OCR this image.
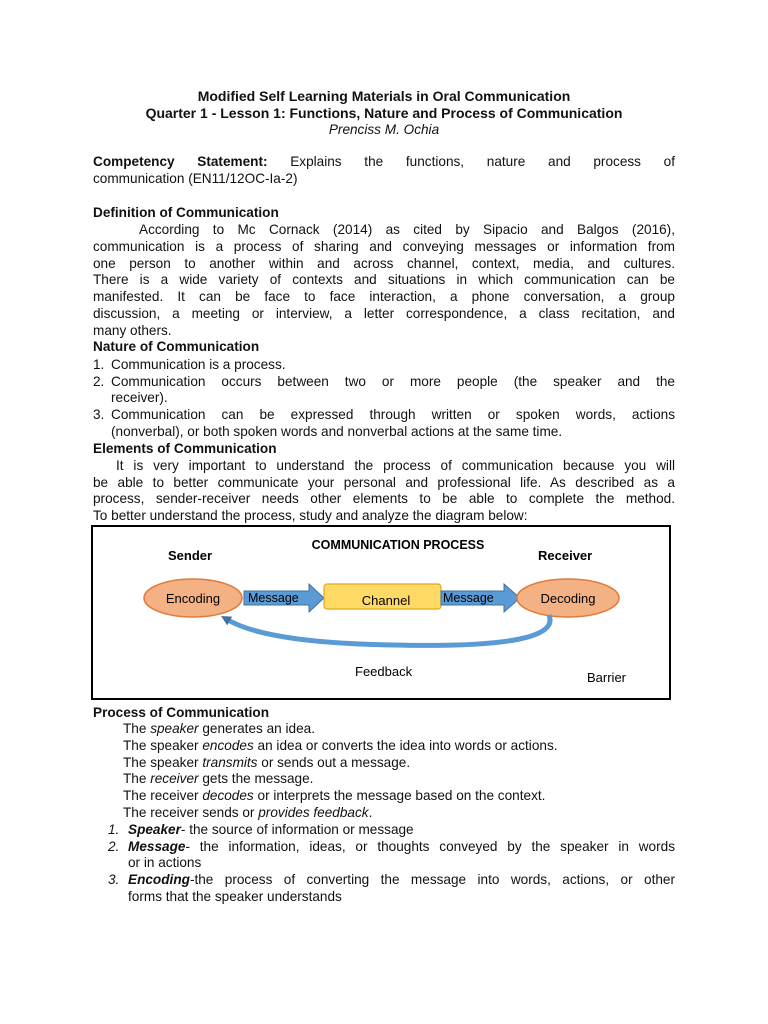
Modified Self Learning Materials in Oral Communication
Quarter 1 - Lesson 1: Functions, Nature and Process of Communication
Prenciss M. Ochia
Competency Statement: Explains the functions, nature and process of
communication (EN11/12OC-Ia-2)
Definition of Communication
According to Mc Cornack (2014) as cited by Sipacio and Balgos (2016),
communication is a process of sharing and conveying messages or information from
one person to another within and across channel, context, media, and cultures.
There is a wide variety of contexts and situations in which communication can be
manifested. It can be face to face interaction, a phone conversation, a group
discussion, a meeting or interview, a letter correspondence, a class recitation, and
many others.
Nature of Communication
1. Communication is a process.
2. Communication occurs between two or more people (the speaker and the
receiver).
3. Communication can be expressed through written or spoken words, actions
(nonverbal), or both spoken words and nonverbal actions at the same time.
Elements of Communication
It is very important to understand the process of communication because you will
be able to better communicate your personal and professional life. As described as a
process, sender-receiver needs other elements to be able to complete the method.
To better understand the process, study and analyze the diagram below:
COMMUNICATION PROCESS
Sender	Receiver
Encoding Message	Channel	Message	Decoding
Feedback	Barrier
Process of Communication
The speaker generates an idea.
The speaker encodes an idea or converts the idea into words or actions.
The speaker transmits or sends out a message.
The receiver gets the message.
The receiver decodes or interprets the message based on the context.
The receiver sends or provides feedback.
1. Speaker- the source of information or message
2. Message- the information, ideas, or thoughts conveyed by the speaker in words
or in actions
3. Encoding-the process of converting the message into words, actions, or other
forms that the speaker understands
